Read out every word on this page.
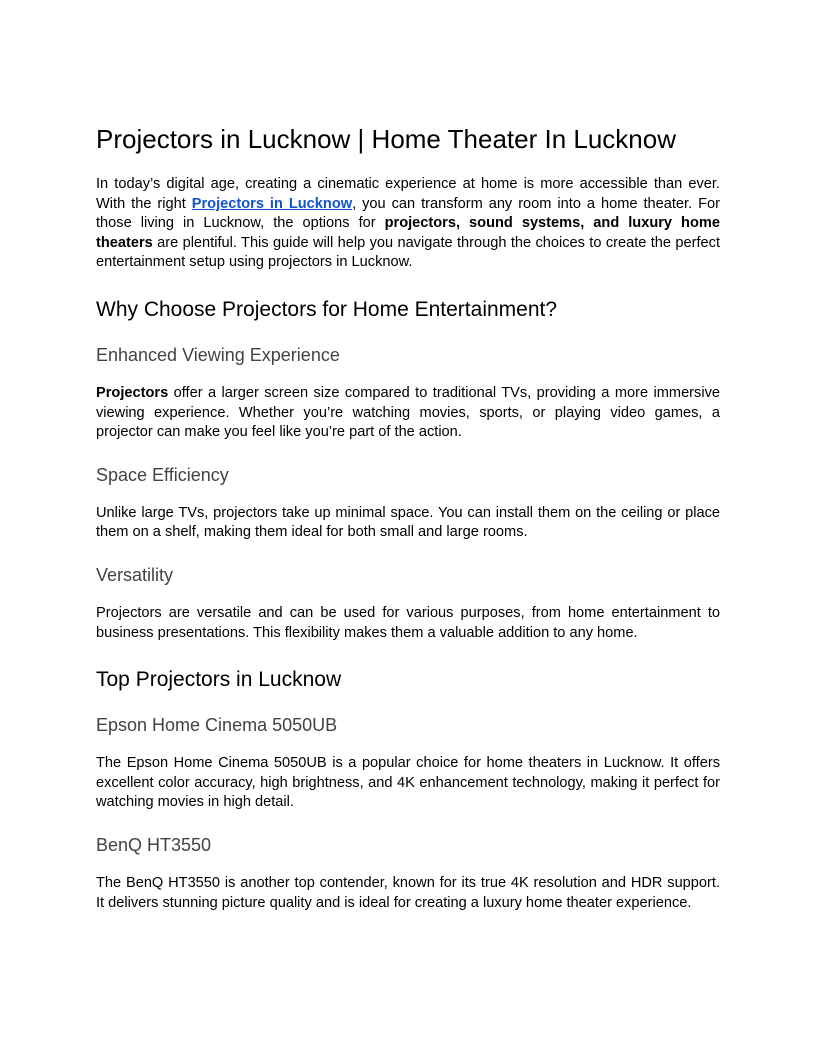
Projectors in Lucknow | Home Theater In Lucknow

In today’s digital age, creating a cinematic experience at home is more accessible than ever. With the right Projectors in Lucknow, you can transform any room into a home theater. For those living in Lucknow, the options for projectors, sound systems, and luxury home theaters are plentiful. This guide will help you navigate through the choices to create the perfect entertainment setup using projectors in Lucknow.

Why Choose Projectors for Home Entertainment?
Enhanced Viewing Experience

Projectors offer a larger screen size compared to traditional TVs, providing a more immersive viewing experience. Whether you’re watching movies, sports, or playing video games, a projector can make you feel like you’re part of the action.

Space Efficiency

Unlike large TVs, projectors take up minimal space. You can install them on the ceiling or place them on a shelf, making them ideal for both small and large rooms.

Versatility

Projectors are versatile and can be used for various purposes, from home entertainment to business presentations. This flexibility makes them a valuable addition to any home.

Top Projectors in Lucknow
Epson Home Cinema 5050UB

The Epson Home Cinema 5050UB is a popular choice for home theaters in Lucknow. It offers excellent color accuracy, high brightness, and 4K enhancement technology, making it perfect for watching movies in high detail.

BenQ HT3550

The BenQ HT3550 is another top contender, known for its true 4K resolution and HDR support. It delivers stunning picture quality and is ideal for creating a luxury home theater experience.
